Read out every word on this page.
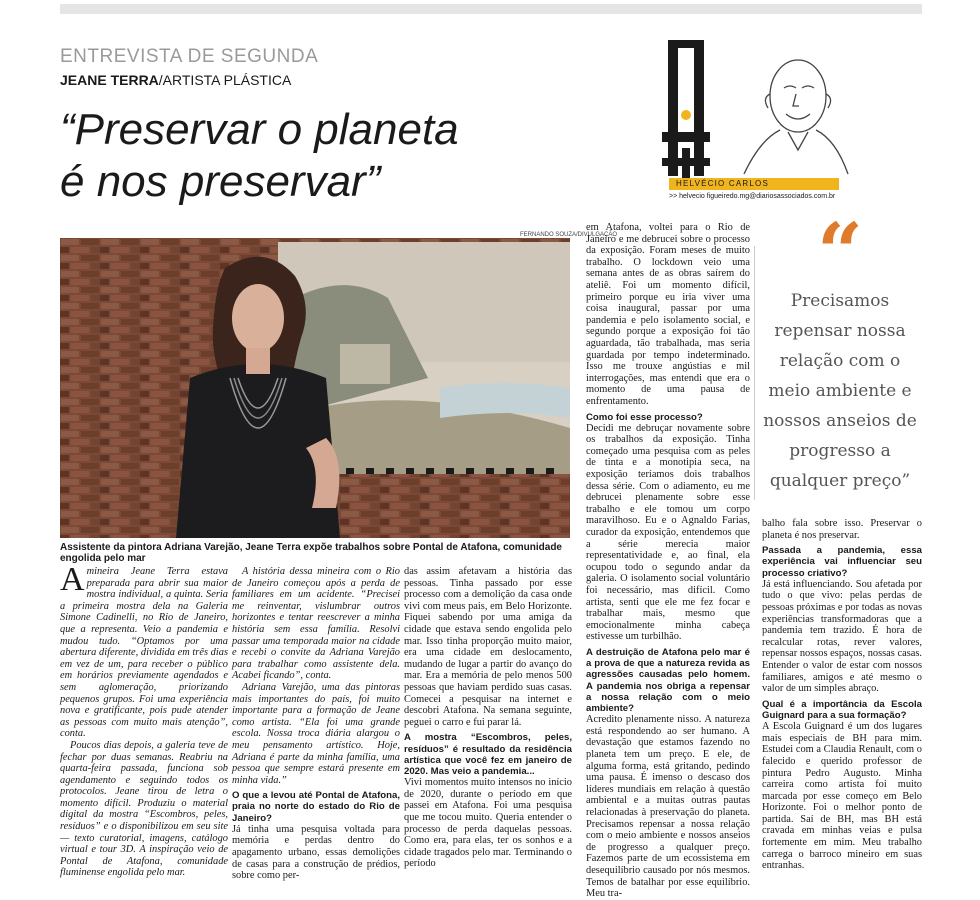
ENTREVISTA DE SEGUNDA
JEANE TERRA/ARTISTA PLÁSTICA
“Preservar o planeta
é nos preservar”	HELVÉCIO CARLOS
>> helvecio figueiredo.mg@diariosassociados.com.br
FERNANDO SOUZA/DIVULGAÇÃO
Assistente da pintora Adriana Varejão, Jeane Terra expõe trabalhos sobre Pontal de Atafona, comunidade engolida pelo mar

Amineira Jeane Terra estava preparada para abrir sua maior mostra individual, a quinta. Seria a primeira mostra dela na Galeria Simone Cadinelli, no Rio de Janeiro, que a representa. Veio a pandemia e mudou tudo. “Optamos por uma abertura diferente, dividida em três dias em vez de um, para receber o público em horários previamente agendados e sem aglomeração, priorizando pequenos grupos. Foi uma experiência nova e gratificante, pois pude atender as pessoas com muito mais atenção”, conta.

Poucos dias depois, a galeria teve de fechar por duas semanas. Reabriu na quarta-feira passada, funciona sob agendamento e seguindo todos os protocolos. Jeane tirou de letra o momento difícil. Produziu o material digital da mostra “Escombros, peles, resíduos” e o disponibilizou em seu site — texto curatorial, imagens, catálogo virtual e tour 3D. A inspiração veio de Pontal de Atafona, comunidade fluminense engolida pelo mar.

A história dessa mineira com o Rio de Janeiro começou após a perda de familiares em um acidente. “Precisei me reinventar, vislumbrar outros horizontes e tentar reescrever a minha história sem essa família. Resolvi passar uma temporada maior na cidade e recebi o convite da Adriana Varejão para trabalhar como assistente dela. Acabei ficando”, conta.

Adriana Varejão, uma das pintoras mais importantes do país, foi muito importante para a formação de Jeane como artista. “Ela foi uma grande escola. Nossa troca diária alargou o meu pensamento artístico. Hoje, Adriana é parte da minha família, uma pessoa que sempre estará presente em minha vida.”

O que a levou até Pontal de Atafona, praia no norte do estado do Rio de Janeiro?

Já tinha uma pesquisa voltada para memória e perdas dentro do apagamento urbano, essas demolições de casas para a construção de prédios, sobre como per-

das assim afetavam a história das pessoas. Tinha passado por esse processo com a demolição da casa onde vivi com meus pais, em Belo Horizonte. Fiquei sabendo por uma amiga da cidade que estava sendo engolida pelo mar. Isso tinha proporção muito maior, era uma cidade em deslocamento, mudando de lugar a partir do avanço do mar. Era a memória de pelo menos 500 pessoas que haviam perdido suas casas. Comecei a pesquisar na internet e descobri Atafona. Na semana seguinte, peguei o carro e fui parar lá.

A mostra “Escombros, peles, resíduos” é resultado da residência artística que você fez em janeiro de 2020. Mas veio a pandemia...

Vivi momentos muito intensos no início de 2020, durante o período em que passei em Atafona. Foi uma pesquisa que me tocou muito. Queria entender o processo de perda daquelas pessoas. Como era, para elas, ter os sonhos e a cidade tragados pelo mar. Terminando o período

em Atafona, voltei para o Rio de Janeiro e me debrucei sobre o processo da exposição. Foram meses de muito trabalho. O lockdown veio uma semana antes de as obras saírem do ateliê. Foi um momento difícil, primeiro porque eu iria viver uma coisa inaugural, passar por uma pandemia e pelo isolamento social, e segundo porque a exposição foi tão aguardada, tão trabalhada, mas seria guardada por tempo indeterminado. Isso me trouxe angústias e mil interrogações, mas entendi que era o momento de uma pausa de enfrentamento.

Como foi esse processo?

Decidi me debruçar novamente sobre os trabalhos da exposição. Tinha começado uma pesquisa com as peles de tinta e a monotipia seca, na exposição teríamos dois trabalhos dessa série. Com o adiamento, eu me debrucei plenamente sobre esse trabalho e ele tomou um corpo maravilhoso. Eu e o Agnaldo Farias, curador da exposição, entendemos que a série merecia maior representatividade e, ao final, ela ocupou todo o segundo andar da galeria. O isolamento social voluntário foi necessário, mas difícil. Como artista, senti que ele me fez focar e trabalhar mais, mesmo que emocionalmente minha cabeça estivesse um turbilhão.

A destruição de Atafona pelo mar é a prova de que a natureza revida as agressões causadas pelo homem. A pandemia nos obriga a repensar a nossa relação com o meio ambiente?

Acredito plenamente nisso. A natureza está respondendo ao ser humano. A devastação que estamos fazendo no planeta tem um preço. E ele, de alguma forma, está gritando, pedindo uma pausa. É imenso o descaso dos líderes mundiais em relação à questão ambiental e a muitas outras pautas relacionadas à preservação do planeta. Precisamos repensar a nossa relação com o meio ambiente e nossos anseios de progresso a qualquer preço. Fazemos parte de um ecossistema em desequilíbrio causado por nós mesmos. Temos de batalhar por esse equilíbrio. Meu tra-

“
Precisamos repensar nossa relação com o meio ambiente e nossos anseios de progresso a qualquer preço”

balho fala sobre isso. Preservar o planeta é nos preservar.

Passada a pandemia, essa experiência vai influenciar seu processo criativo?

Já está influenciando. Sou afetada por tudo o que vivo: pelas perdas de pessoas próximas e por todas as novas experiências transformadoras que a pandemia tem trazido. É hora de recalcular rotas, rever valores, repensar nossos espaços, nossas casas. Entender o valor de estar com nossos familiares, amigos e até mesmo o valor de um simples abraço.

Qual é a importância da Escola Guignard para a sua formação?

A Escola Guignard é um dos lugares mais especiais de BH para mim. Estudei com a Claudia Renault, com o falecido e querido professor de pintura Pedro Augusto. Minha carreira como artista foi muito marcada por esse começo em Belo Horizonte. Foi o melhor ponto de partida. Saí de BH, mas BH está cravada em minhas veias e pulsa fortemente em mim. Meu trabalho carrega o barroco mineiro em suas entranhas.
